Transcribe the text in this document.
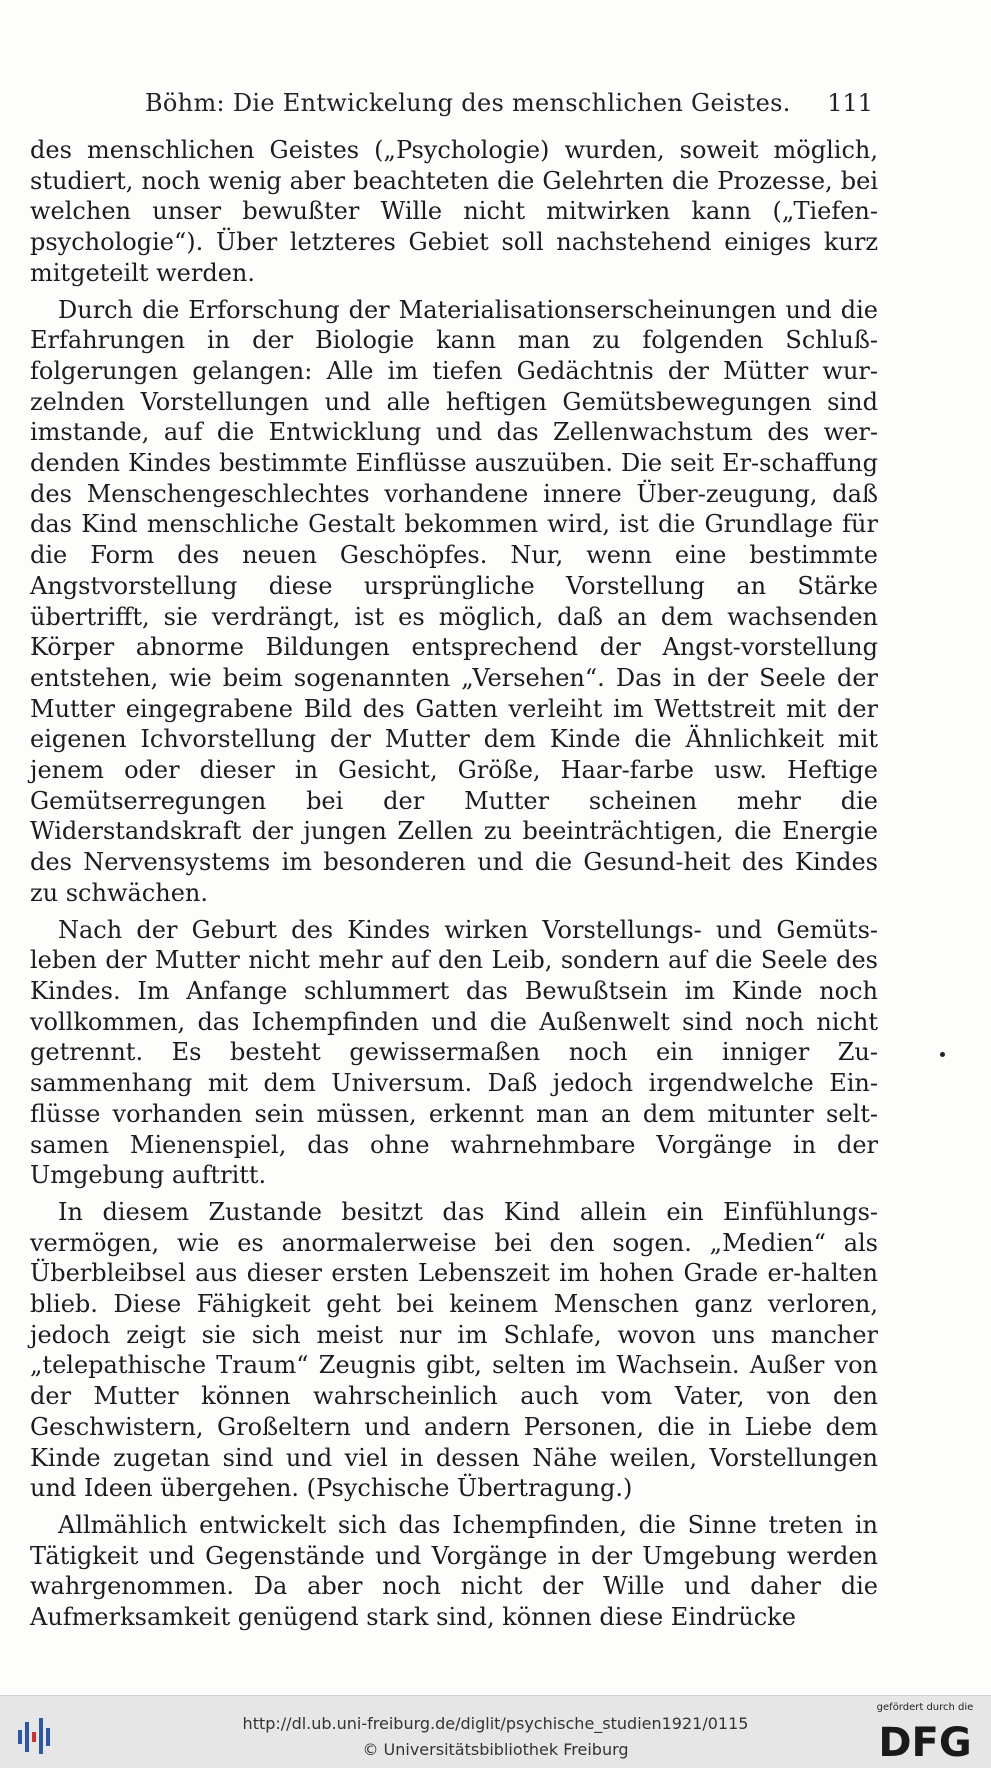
Böhm: Die Entwickelung des menschlichen Geistes. 111

des menschlichen Geistes („Psychologie) wurden, soweit möglich, studiert, noch wenig aber beachteten die Gelehrten die Prozesse, bei welchen unser bewußter Wille nicht mitwirken kann („Tiefen-psychologie“). Über letzteres Gebiet soll nachstehend einiges kurz mitgeteilt werden.

Durch die Erforschung der Materialisationserscheinungen und die Erfahrungen in der Biologie kann man zu folgenden Schluß-folgerungen gelangen: Alle im tiefen Gedächtnis der Mütter wur-zelnden Vorstellungen und alle heftigen Gemütsbewegungen sind imstande, auf die Entwicklung und das Zellenwachstum des wer-denden Kindes bestimmte Einflüsse auszuüben. Die seit Er-schaffung des Menschengeschlechtes vorhandene innere Über-zeugung, daß das Kind menschliche Gestalt bekommen wird, ist die Grundlage für die Form des neuen Geschöpfes. Nur, wenn eine bestimmte Angstvorstellung diese ursprüngliche Vorstellung an Stärke übertrifft, sie verdrängt, ist es möglich, daß an dem wachsenden Körper abnorme Bildungen entsprechend der Angst-vorstellung entstehen, wie beim sogenannten „Versehen“. Das in der Seele der Mutter eingegrabene Bild des Gatten verleiht im Wettstreit mit der eigenen Ichvorstellung der Mutter dem Kinde die Ähnlichkeit mit jenem oder dieser in Gesicht, Größe, Haar-farbe usw. Heftige Gemütserregungen bei der Mutter scheinen mehr die Widerstandskraft der jungen Zellen zu beeinträchtigen, die Energie des Nervensystems im besonderen und die Gesund-heit des Kindes zu schwächen.

Nach der Geburt des Kindes wirken Vorstellungs- und Gemüts-leben der Mutter nicht mehr auf den Leib, sondern auf die Seele des Kindes. Im Anfange schlummert das Bewußtsein im Kinde noch vollkommen, das Ichempfinden und die Außenwelt sind noch nicht getrennt. Es besteht gewissermaßen noch ein inniger Zu-sammenhang mit dem Universum. Daß jedoch irgendwelche Ein-flüsse vorhanden sein müssen, erkennt man an dem mitunter selt-samen Mienenspiel, das ohne wahrnehmbare Vorgänge in der Umgebung auftritt.

In diesem Zustande besitzt das Kind allein ein Einfühlungs-vermögen, wie es anormalerweise bei den sogen. „Medien“ als Überbleibsel aus dieser ersten Lebenszeit im hohen Grade er-halten blieb. Diese Fähigkeit geht bei keinem Menschen ganz verloren, jedoch zeigt sie sich meist nur im Schlafe, wovon uns mancher „telepathische Traum“ Zeugnis gibt, selten im Wachsein. Außer von der Mutter können wahrscheinlich auch vom Vater, von den Geschwistern, Großeltern und andern Personen, die in Liebe dem Kinde zugetan sind und viel in dessen Nähe weilen, Vorstellungen und Ideen übergehen. (Psychische Übertragung.)

Allmählich entwickelt sich das Ichempfinden, die Sinne treten in Tätigkeit und Gegenstände und Vorgänge in der Umgebung werden wahrgenommen. Da aber noch nicht der Wille und daher die Aufmerksamkeit genügend stark sind, können diese Eindrücke

http://dl.ub.uni-freiburg.de/diglit/psychische_studien1921/0115
© Universitätsbibliothek Freiburg
gefördert durch die
DFG
